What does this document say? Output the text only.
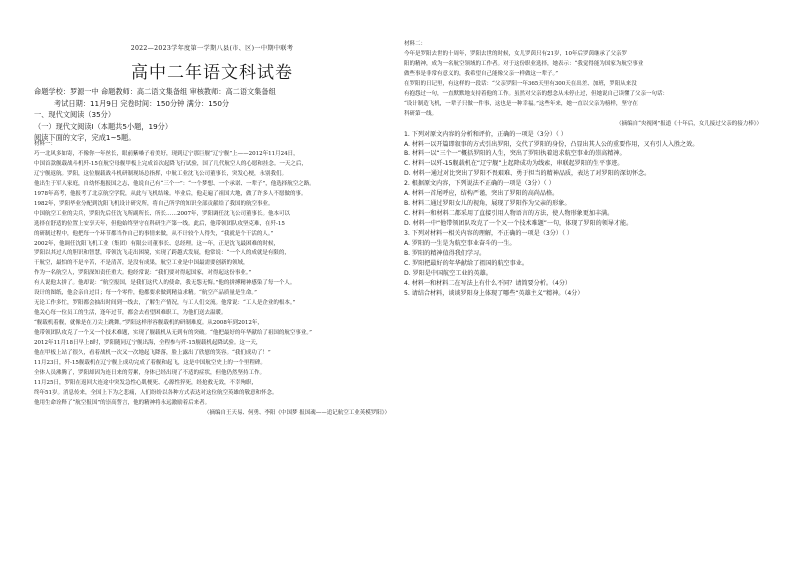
2022—2023学年度第一学期八县(市、区)一中期中联考
高中二年语文科试卷
命题学校：罗源一中 命题教师：高二语文集备组 审核教师：高二语文集备组
考试日期：11月9日 完卷时间：150分钟 满分：150分
一、现代文阅读（35分）
（一）现代文阅读Ⅰ（本题共5小题，19分）
阅读下面的文字，完成1~5题。
材料一：
巧一北风多如寄，不像你一年丝长，眼前紫嗓子看美好，现到辽宁那巨舰“辽宁舰”上——2012年11月24日，
中国首款舰载战斗机歼-15在航空母舰甲板上完成首次起降飞行试验，国了几代航空人的心愿和挂念。一天之后，
辽宁舰返航。罗阳，这位舰载战斗机研制现场总指挥，中航工业沈飞公司董事长，突发心梗，永别我们。
他出生于军人家庭，自幼怀抱报国之志，他说自己有“三个一”：“一个梦想、一个承诺、一辈子”，他选择航空之路。
1978年高考，他报考了北京航空学院，从此与飞机结缘。毕业后，他走遍了祖国大地，做了许多人不愿做的事。
1982年，罗阳毕业分配到沈阳飞机设计研究所，将自己所学的知识全部贡献给了我国的航空事业。
中国航空工业的尖兵，罗阳先后任沈飞所副所长、所长……2007年，罗阳调任沈飞公司董事长。他本可以
选择在舒适的位置上安享天年，但他始终坚守在科研生产第一线。此后，他带领团队攻坚克难，在歼-15
的研制过程中，他把每一个环节都当作自己的事情来做，从不计较个人得失，“我就是个干活的人。”
2002年，他调任沈阳飞机工业（集团）有限公司董事长、总经理。这一年，正是沈飞最困难的时候，
罗阳以其过人的胆识和智慧，带领沈飞走出困境，实现了跨越式发展，他常说：“一个人的成就是有限的，
干航空，最怕的不是辛苦，不是清苦，是没有成果，航空工业是中国最需要创新的领域，
作为一名航空人，罗阳深知责任重大。他经常说：“我们要对得起国家，对得起这份事业。”
有人说他太拼了。他却说：“航空报国，是我们这代人的使命，我无怨无悔。”他的拼搏精神感染了每一个人。
设计的图纸，他会亲自过目；每一个零件，他都要求做到精益求精。“航空产品质量是生命。”
无论工作多忙，罗阳都会抽出时间到一线去，了解生产情况，与工人们交流。他常说：“工人是企业的根本。”
他关心每一位员工的生活，逢年过节，都会去看望困难职工，为他们送去温暖。
“舰载机着舰，就像是在刀尖上跳舞。”罗阳这样形容舰载机的研制难度。从2008年到2012年，
他带领团队攻克了一个又一个技术难题，实现了舰载机从无到有的突破。“他把最好的年华献给了祖国的航空事业。”
2012年11月18日早上8时，罗阳随同辽宁舰出海，全程参与歼-15舰载机起降试验。这一天，
他在甲板上站了很久，看着战机一次又一次地起飞降落，脸上露出了欣慰的笑容。“我们成功了！”
11月23日，歼-15舰载机在辽宁舰上成功完成了着舰和起飞，这是中国航空史上的一个里程碑。
全体人员沸腾了，罗阳却因为连日来的劳累，身体已经出现了不适的症状，但他仍然坚持工作。
11月25日，罗阳在返回大连途中突发急性心肌梗死、心源性猝死，经抢救无效，不幸殉职，
终年51岁。消息传来，全国上下为之悲痛，人们纷纷以各种方式表达对这位航空英雄的敬意和怀念。
他用生命诠释了“航空报国”的崇高誓言，他的精神将永远激励着后来者。
（摘编自王天易、何勇、李阳《中国梦 报国魂——追记航空工业英模罗阳》）
材料二：
今年是罗阳去世的十周年，罗阳去世的时候，女儿罗茵只有21岁，10年后罗茵继承了父亲罗
阳的精神，成为一名航空领域的工作者。对于这份职业选择，她表示：“我觉得能为国家为航空事业
做些事是非常有意义的，我希望自己能像父亲一样做这一辈子。”
在罗阳的日记里，有这样的一段话：“父亲罗阳一年365天里有300天在出差、加班，罗阳从来没
有抱怨过一句，一直默默地支持着他的工作。虽然对父亲的想念从未停止过，但她说自己读懂了父亲一句话：
“设计制造飞机，一辈子只做一件事，这也是一种幸福。”这些年来，她一直以父亲为榜样，坚守在
科研第一线。
（摘编自“央视网”报道《十年后，女儿接过父亲的接力棒》）
1. 下列对原文内容的分析和评价，正确的一项是（3分）（ ）
A. 材料一以开篇即叙事的方式引出罗阳，交代了罗阳的身份，凸显出其人公的重要作用，又有引人入胜之效。
B. 材料一以“三个一”概括罗阳的人生，突出了罗阳执着追求航空事业的崇高精神。
C. 材料一以歼-15舰载机在“辽宁舰”上起降成功为线索，串联起罗阳的生平事迹。
D. 材料一通过对比突出了罗阳不畏艰难、勇于担当的精神品质，表达了对罗阳的深切怀念。
2. 根据原文内容，下列说法不正确的一项是（3分）（ ）
A. 材料一首尾呼应，结构严谨，突出了罗阳的高尚品格。
B. 材料二通过罗阳女儿的视角，展现了罗阳作为父亲的形象。
C. 材料一和材料二都采用了直接引用人物语言的方法，使人物形象更加丰满。
D. 材料一中“他带领团队攻克了一个又一个技术难题”一句，体现了罗阳的领导才能。
3. 下列对材料一相关内容的理解，不正确的一项是（3分）（ ）
A. 罗阳的一生是为航空事业奋斗的一生。
B. 罗阳的精神值得我们学习。
C. 罗阳把最好的年华献给了祖国的航空事业。
D. 罗阳是中国航空工业的英雄。
4. 材料一和材料二在写法上有什么不同？请简要分析。（4分）
5. 请结合材料，谈谈罗阳身上体现了哪些“英雄主义”精神。（4分）
